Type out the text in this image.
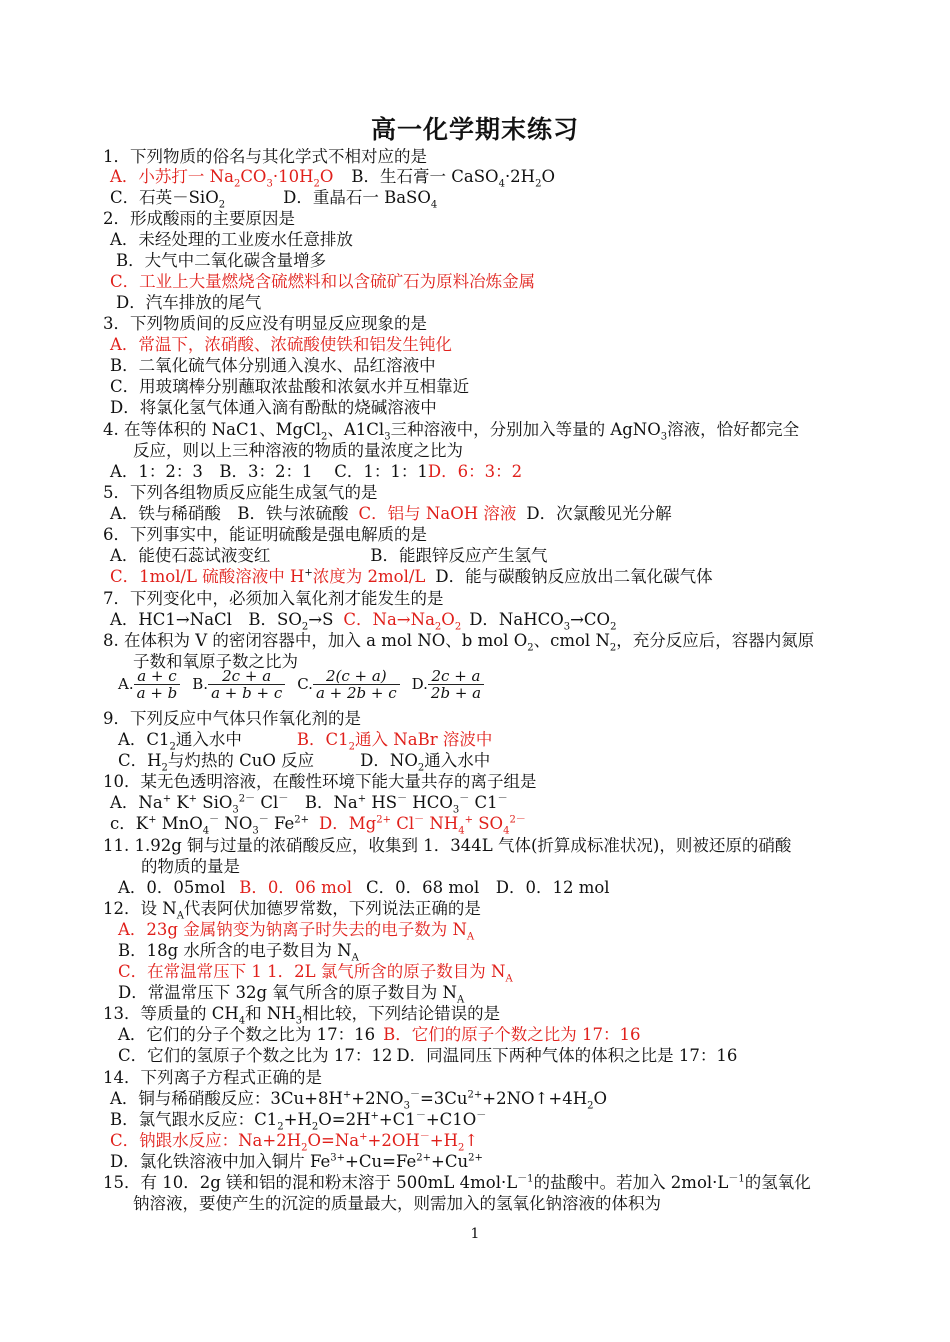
高一化学期末练习
1．下列物质的俗名与其化学式不相对应的是
A．小苏打一 $Na_2CO_3\cdot 10H_2O$ B．生石膏一 $CaSO_4\cdot 2H_2O$
C．石英－SiO$_2$	D．重晶石一 BaSO$_4$
2．形成酸雨的主要原因是
A．未经处理的工业废水任意排放
B．大气中二氧化碳含量增多
C．工业上大量燃烧含硫燃料和以含硫矿石为原料冶炼金属
D．汽车排放的尾气
3．下列物质间的反应没有明显反应现象的是
A．常温下，浓硝酸、浓硫酸使铁和铝发生钝化
B．二氧化硫气体分别通入溴水、品红溶液中
C．用玻璃棒分别蘸取浓盐酸和浓氨水并互相靠近
D．将氯化氢气体通入滴有酚酞的烧碱溶液中
4. 在等体积的 NaC1、MgCl$_2$、$A1Cl_3$三种溶液中，分别加入等量的 AgNO$_3$溶液，恰好都完全
反应，则以上三种溶液的物质的量浓度之比为
A．1：2：3　B．3：2：1　 C．1：1：1D．6：3：2
5．下列各组物质反应能生成氢气的是
A．铁与稀硝酸　B．铁与浓硫酸 C．铝与 NaOH 溶液 D．次氯酸见光分解
6．下列事实中，能证明硫酸是强电解质的是
A．能使石蕊试液变红	B．能跟锌反应产生氢气
C．1mol/L 硫酸溶液中 H+浓度为 2mol/L D．能与碳酸钠反应放出二氧化碳气体
7．下列变化中，必须加入氧化剂才能发生的是
A．HC1→NaCl　B．$SO_2\to S$ C．$Na\to Na_2O_2$ D．$NaHCO_3\to CO_2$
8. 在体积为 V 的密闭容器中，加入 a mol NO、b mol $O_2$、cmol $N_2$，充分反应后，容器内氮原
子数和氧原子数之比为
A. $\frac{a + c}{a + b} B$. $\frac{2c + a}{a + b + c} C$. $\frac{2(c + a)}{a + 2b + c} D$. $\frac{2c + a}{2b + a}$
9．下列反应中气体只作氧化剂的是
A．$C1_2$通入水中	B．$C1_2$通入 NaBr 溶波中
C．$H_2$与灼热的 CuO 反应	D．$NO_2$通入水中
10．某无色透明溶液，在酸性环境下能大量共存的离子组是
A．Na+ K+ SiO$_3^{2-}$ Cl－　B．Na+ HS－ $HCO_3^-$ C1－
c．K+ MnO$_4$－ $NO_3^-$ $Fe^{2+}$ D．$Mg^{2+}$ Cl－ $NH_4^+$ $SO_4^{2-}$
11. 1.92g 铜与过量的浓硝酸反应，收集到 1．344L 气体(折算成标准状况)，则被还原的硝酸
的物质的量是
A．0．05mol B．0．06 mol C．0．68 mol　D．0．12 mol
12．设 $N_A$代表阿伏加德罗常数，下列说法正确的是
A．23g 金属钠变为钠离子时失去的电子数为 $N_A$
B．18g 水所含的电子数目为 $N_A$
C．在常温常压下 1 1．2L 氯气所含的原子数目为 $N_A$
D．常温常压下 32g 氧气所含的原子数目为 $N_A$
13．等质量的 $CH_4$和 $NH_3$相比较，下列结论错误的是
A．它们的分子个数之比为 17：16 B．它们的原子个数之比为 17：16
C．它们的氢原子个数之比为 17：12 D．同温同压下两种气体的体积之比是 17：16
14．下列离子方程式正确的是
A．铜与稀硝酸反应：$3Cu+8H^++2NO_3^-=3Cu^{2+}+2NO↑+4H_2O$
B．氯气跟水反应：$C1_2+H_2O=2H^++C1^-+C1O^-$
C．钠跟水反应：$Na+2H_2O=Na^++2OH^-+H_2↑$
D．氯化铁溶液中加入铜片 $Fe^{3+}+Cu=Fe^{2+}+Cu^{2+}$
15．有 10．2g 镁和铝的混和粉末溶于 500mL $4mol\cdot L^{-1}$的盐酸中。若加入 $2mol\cdot L^{-1}$的氢氧化
钠溶液，要使产生的沉淀的质量最大，则需加入的氢氧化钠溶液的体积为
1
